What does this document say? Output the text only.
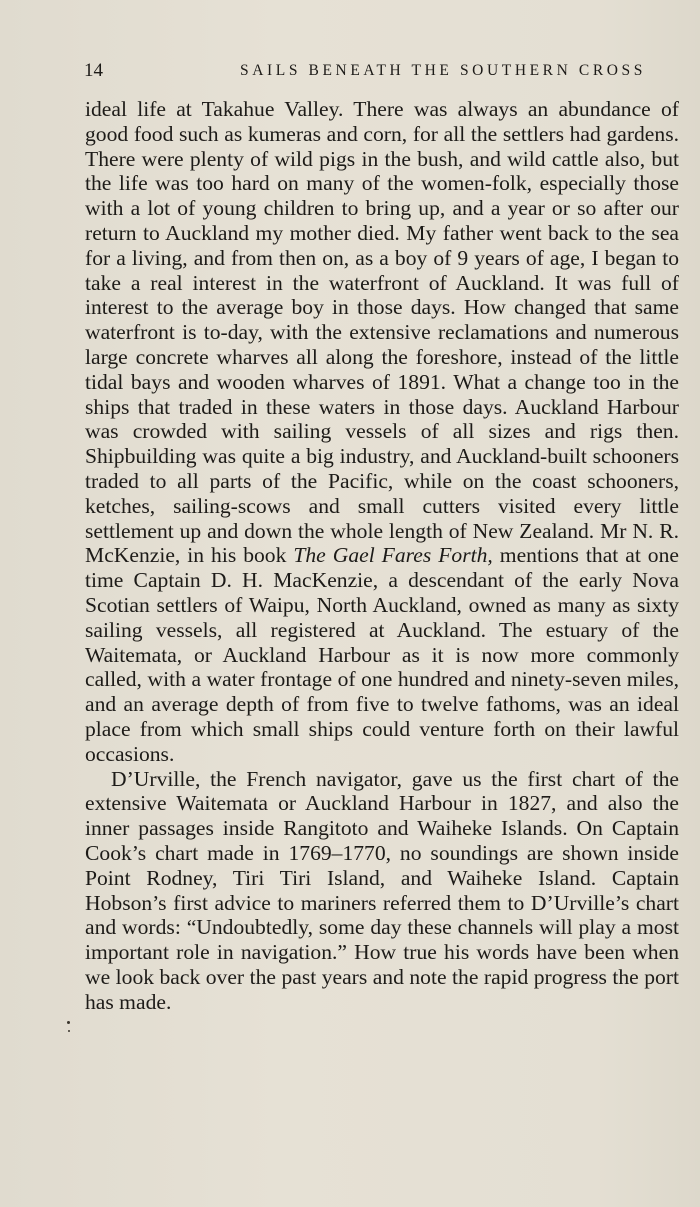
14	SAILS BENEATH THE SOUTHERN CROSS

ideal life at Takahue Valley. There was always an abundance of good food such as kumeras and corn, for all the settlers had gardens. There were plenty of wild pigs in the bush, and wild cattle also, but the life was too hard on many of the women-folk, especially those with a lot of young children to bring up, and a year or so after our return to Auckland my mother died. My father went back to the sea for a living, and from then on, as a boy of 9 years of age, I began to take a real interest in the waterfront of Auckland. It was full of interest to the average boy in those days. How changed that same waterfront is to-day, with the extensive reclamations and numerous large concrete wharves all along the foreshore, instead of the little tidal bays and wooden wharves of 1891. What a change too in the ships that traded in these waters in those days. Auckland Harbour was crowded with sailing vessels of all sizes and rigs then. Shipbuilding was quite a big industry, and Auckland-built schooners traded to all parts of the Pacific, while on the coast schooners, ketches, sailing-scows and small cutters visited every little settlement up and down the whole length of New Zealand. Mr N. R. McKenzie, in his book The Gael Fares Forth, mentions that at one time Captain D. H. MacKenzie, a descendant of the early Nova Scotian settlers of Waipu, North Auckland, owned as many as sixty sailing vessels, all registered at Auckland. The estuary of the Waitemata, or Auckland Harbour as it is now more commonly called, with a water frontage of one hundred and ninety-seven miles, and an average depth of from five to twelve fathoms, was an ideal place from which small ships could venture forth on their lawful occasions.

D’Urville, the French navigator, gave us the first chart of the extensive Waitemata or Auckland Harbour in 1827, and also the inner passages inside Rangitoto and Waiheke Islands. On Captain Cook’s chart made in 1769–1770, no soundings are shown inside Point Rodney, Tiri Tiri Island, and Waiheke Island. Captain Hobson’s first advice to mariners referred them to D’Urville’s chart and words: “Undoubtedly, some day these channels will play a most important role in navigation.” How true his words have been when we look back over the past years and note the rapid progress the port has made.
